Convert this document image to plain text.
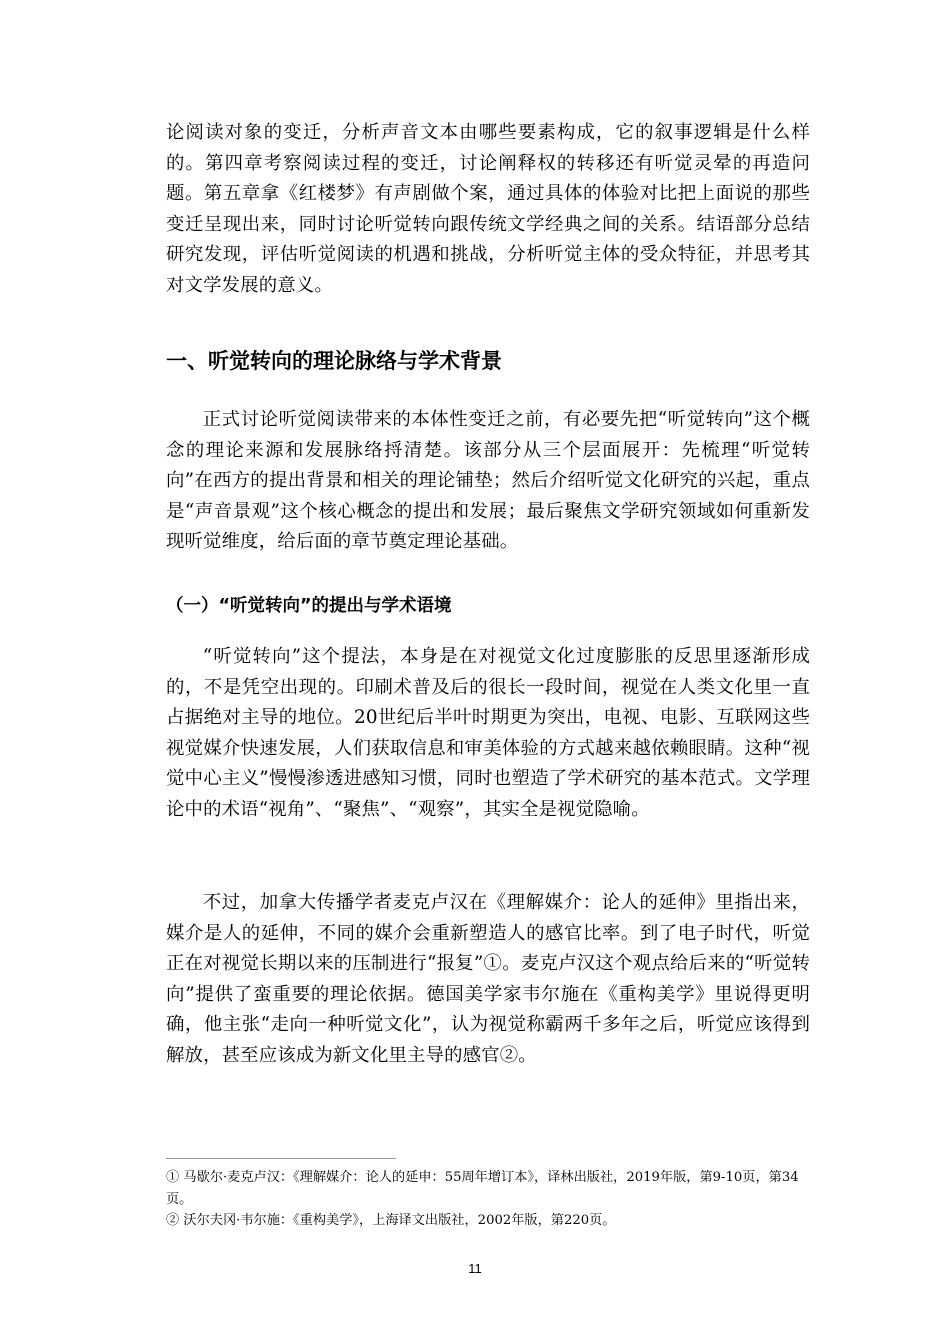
论阅读对象的变迁，分析声音文本由哪些要素构成，它的叙事逻辑是什么样的。第四章考察阅读过程的变迁，讨论阐释权的转移还有听觉灵晕的再造问题。第五章拿《红楼梦》有声剧做个案，通过具体的体验对比把上面说的那些变迁呈现出来，同时讨论听觉转向跟传统文学经典之间的关系。结语部分总结研究发现，评估听觉阅读的机遇和挑战，分析听觉主体的受众特征，并思考其对文学发展的意义。

一、听觉转向的理论脉络与学术背景

正式讨论听觉阅读带来的本体性变迁之前，有必要先把“听觉转向”这个概念的理论来源和发展脉络捋清楚。该部分从三个层面展开：先梳理“听觉转向”在西方的提出背景和相关的理论铺垫；然后介绍听觉文化研究的兴起，重点是“声音景观”这个核心概念的提出和发展；最后聚焦文学研究领域如何重新发现听觉维度，给后面的章节奠定理论基础。

（一）“听觉转向”的提出与学术语境

“听觉转向”这个提法，本身是在对视觉文化过度膨胀的反思里逐渐形成的，不是凭空出现的。印刷术普及后的很长一段时间，视觉在人类文化里一直占据绝对主导的地位。20世纪后半叶时期更为突出，电视、电影、互联网这些视觉媒介快速发展，人们获取信息和审美体验的方式越来越依赖眼睛。这种“视觉中心主义”慢慢渗透进感知习惯，同时也塑造了学术研究的基本范式。文学理论中的术语“视角”、“聚焦”、“观察”，其实全是视觉隐喻。

不过，加拿大传播学者麦克卢汉在《理解媒介：论人的延伸》里指出来，媒介是人的延伸，不同的媒介会重新塑造人的感官比率。到了电子时代，听觉正在对视觉长期以来的压制进行“报复”①。麦克卢汉这个观点给后来的“听觉转向”提供了蛮重要的理论依据。德国美学家韦尔施在《重构美学》里说得更明确，他主张“走向一种听觉文化”，认为视觉称霸两千多年之后，听觉应该得到解放，甚至应该成为新文化里主导的感官②。

① 马歇尔·麦克卢汉：《理解媒介：论人的延申：55周年增订本》，译林出版社，2019年版，第9-10页，第34页。

② 沃尔夫冈·韦尔施：《重构美学》，上海译文出版社，2002年版，第220页。

11
